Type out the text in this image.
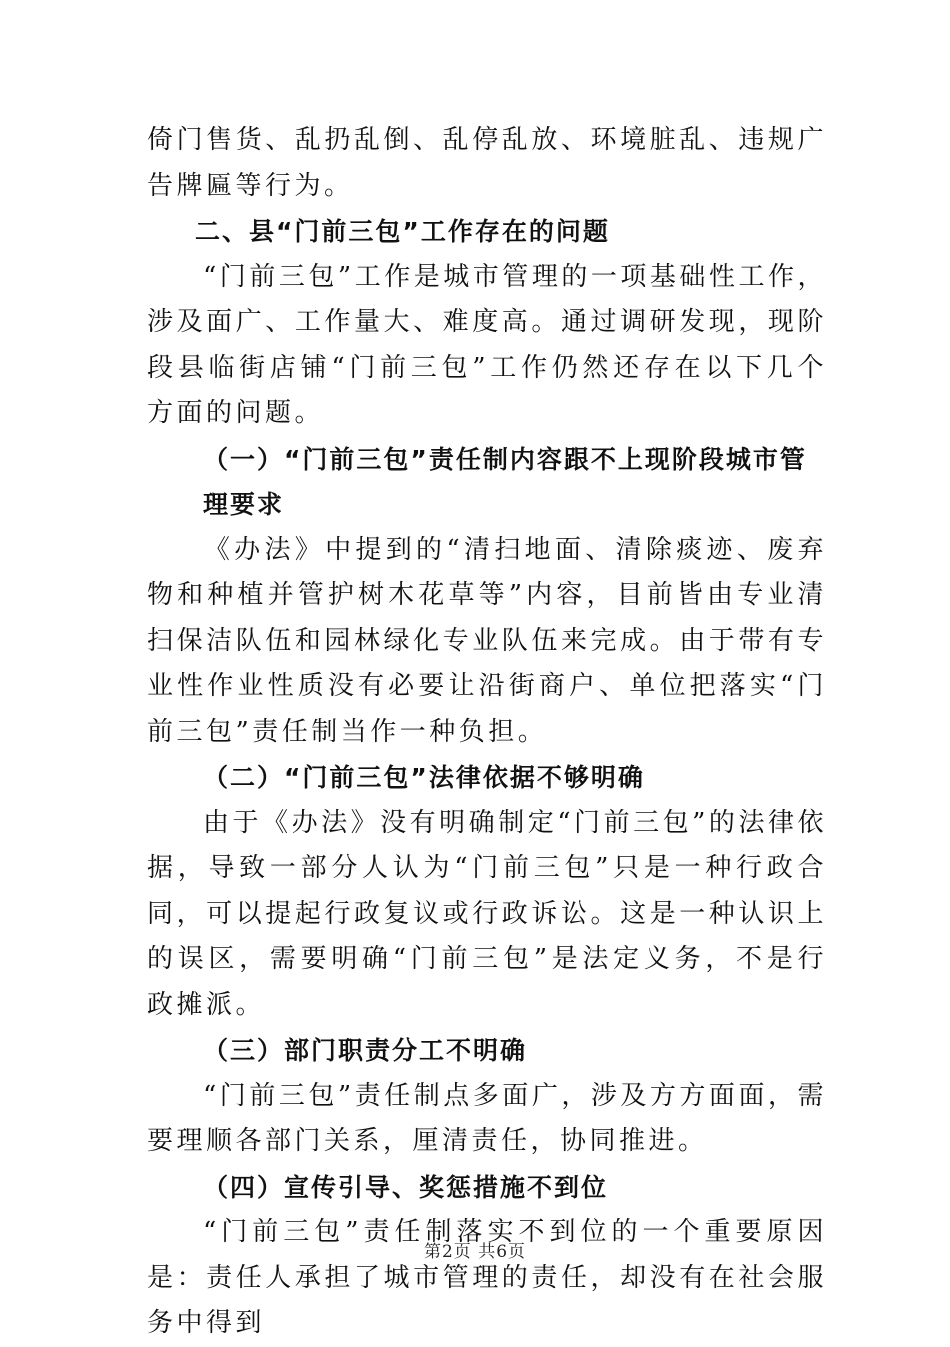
倚门售货、乱扔乱倒、乱停乱放、环境脏乱、违规广告牌匾等行为。

二、县“门前三包”工作存在的问题

“门前三包”工作是城市管理的一项基础性工作，涉及面广、工作量大、难度高。通过调研发现，现阶段县临街店铺“门前三包”工作仍然还存在以下几个方面的问题。

（一）“门前三包”责任制内容跟不上现阶段城市管理要求

《办法》中提到的“清扫地面、清除痰迹、废弃物和种植并管护树木花草等”内容，目前皆由专业清扫保洁队伍和园林绿化专业队伍来完成。由于带有专业性作业性质没有必要让沿街商户、单位把落实“门前三包”责任制当作一种负担。

（二）“门前三包”法律依据不够明确

由于《办法》没有明确制定“门前三包”的法律依据，导致一部分人认为“门前三包”只是一种行政合同，可以提起行政复议或行政诉讼。这是一种认识上的误区，需要明确“门前三包”是法定义务，不是行政摊派。

（三）部门职责分工不明确

“门前三包”责任制点多面广，涉及方方面面，需要理顺各部门关系，厘清责任，协同推进。

（四）宣传引导、奖惩措施不到位

“门前三包”责任制落实不到位的一个重要原因是：责任人承担了城市管理的责任，却没有在社会服务中得到

第2页 共6页
